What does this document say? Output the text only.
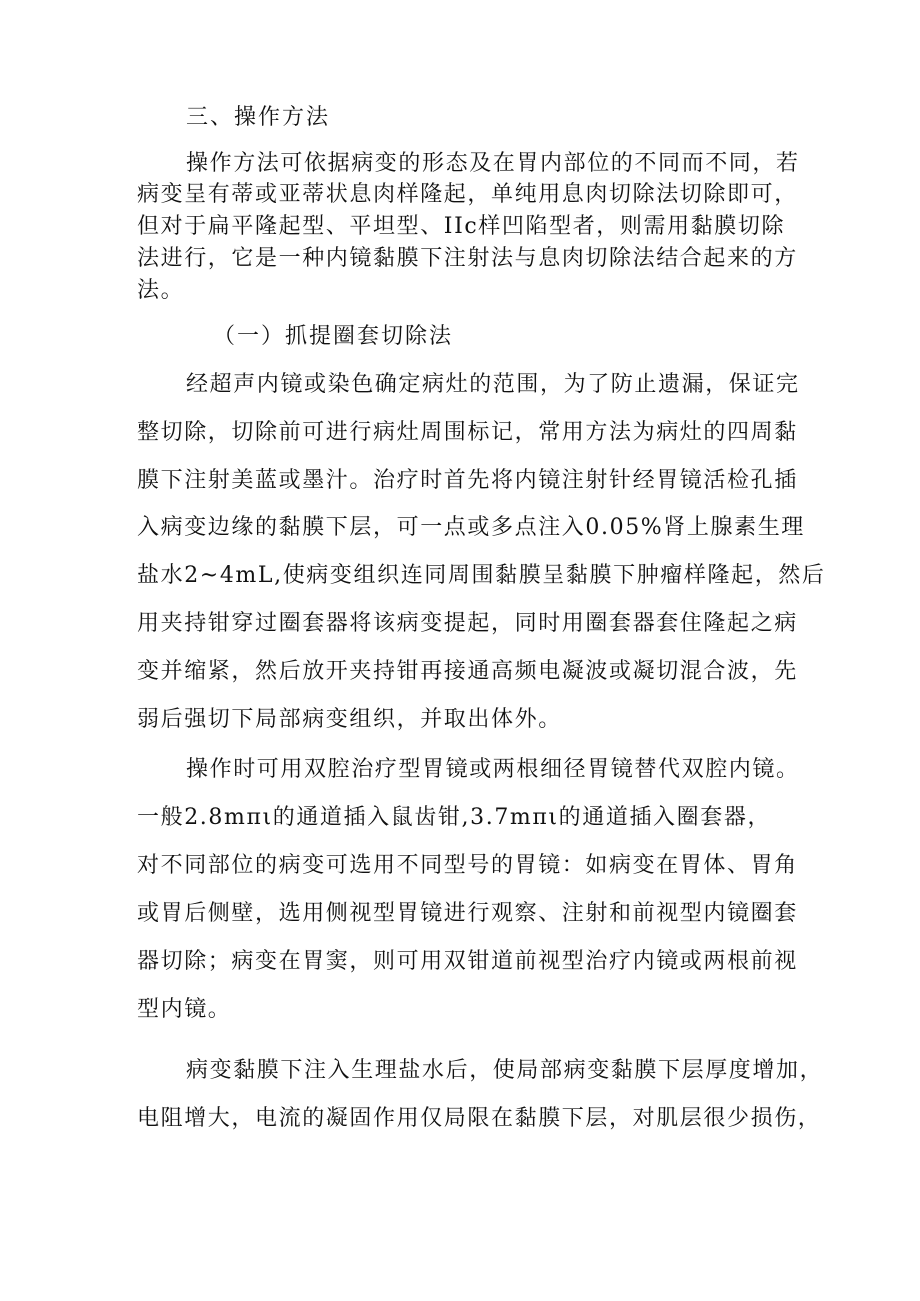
三、操作方法

操作方法可依据病变的形态及在胃内部位的不同而不同，若

病变呈有蒂或亚蒂状息肉样隆起，单纯用息肉切除法切除即可，

但对于扁平隆起型、平坦型、IIc样凹陷型者，则需用黏膜切除

法进行，它是一种内镜黏膜下注射法与息肉切除法结合起来的方

法。

（一）抓提圈套切除法

经超声内镜或染色确定病灶的范围，为了防止遗漏，保证完

整切除，切除前可进行病灶周围标记，常用方法为病灶的四周黏

膜下注射美蓝或墨汁。治疗时首先将内镜注射针经胃镜活检孔插

入病变边缘的黏膜下层，可一点或多点注入0.05%肾上腺素生理

盐水2~4mL,使病变组织连同周围黏膜呈黏膜下肿瘤样隆起，然后

用夹持钳穿过圈套器将该病变提起，同时用圈套器套住隆起之病

变并缩紧，然后放开夹持钳再接通高频电凝波或凝切混合波，先

弱后强切下局部病变组织，并取出体外。

操作时可用双腔治疗型胃镜或两根细径胃镜替代双腔内镜。

一般2.8mπι的通道插入鼠齿钳,3.7mπι的通道插入圈套器，

对不同部位的病变可选用不同型号的胃镜：如病变在胃体、胃角

或胃后侧壁，选用侧视型胃镜进行观察、注射和前视型内镜圈套

器切除；病变在胃窦，则可用双钳道前视型治疗内镜或两根前视

型内镜。

病变黏膜下注入生理盐水后，使局部病变黏膜下层厚度增加，

电阻增大，电流的凝固作用仅局限在黏膜下层，对肌层很少损伤，
